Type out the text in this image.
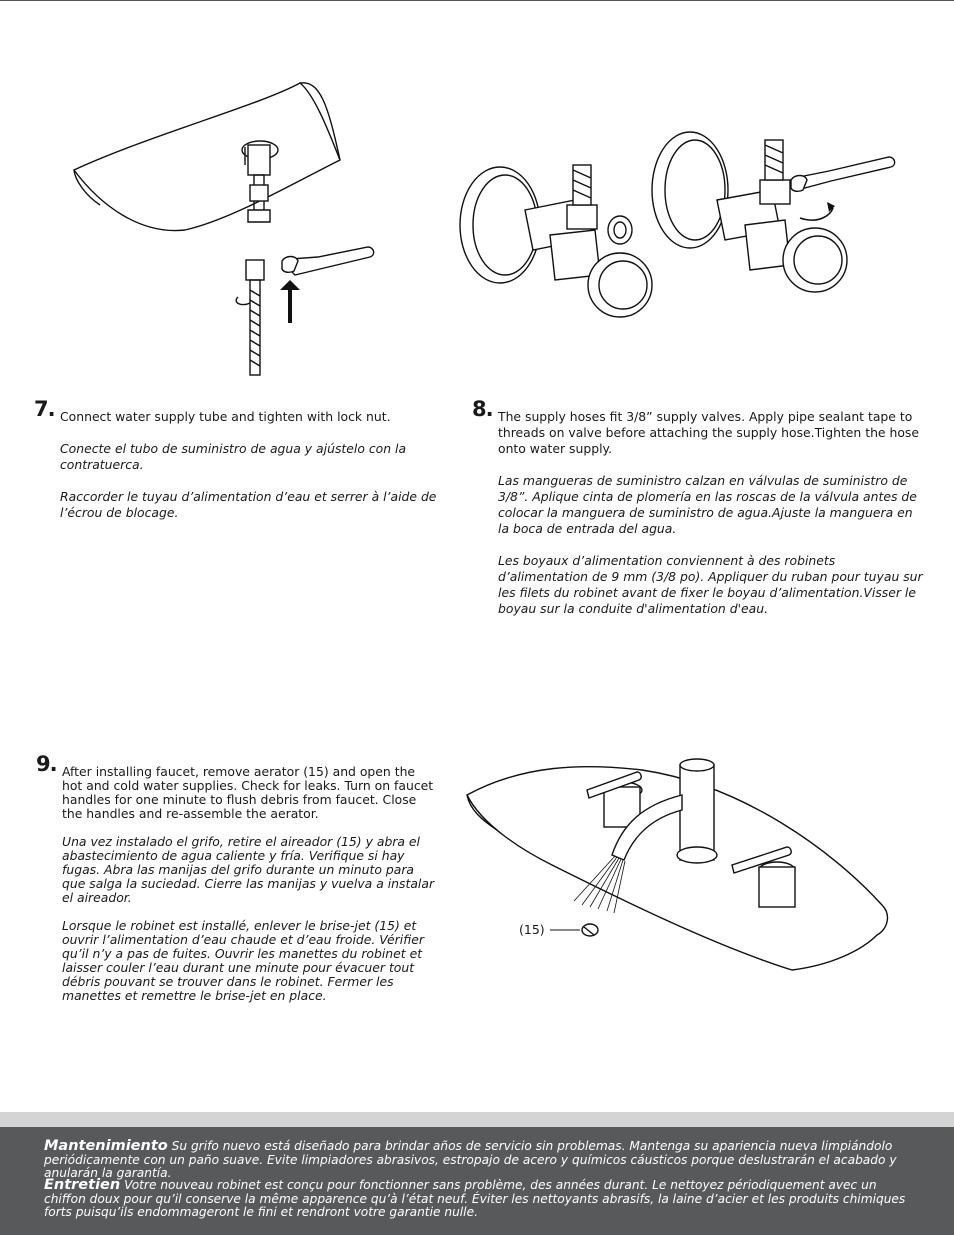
(15)
7. Connect water supply tube and tighten with lock nut.

Conecte el tubo de suministro de agua y ajústelo con la contratuerca.

Raccorder le tuyau d’alimentation d’eau et serrer à l’aide de l’écrou de blocage.

8. The supply hoses fit 3/8” supply valves. Apply pipe sealant tape to threads on valve before attaching the supply hose.Tighten the hose onto water supply.

Las mangueras de suministro calzan en válvulas de suministro de 3/8”. Aplique cinta de plomería en las roscas de la válvula antes de colocar la manguera de suministro de agua.Ajuste la manguera en la boca de entrada del agua.

Les boyaux d’alimentation conviennent à des robinets d’alimentation de 9 mm (3/8 po). Appliquer du ruban pour tuyau sur les filets du robinet avant de fixer le boyau d’alimentation.Visser le boyau sur la conduite d'alimentation d'eau.

9. After installing faucet, remove aerator (15) and open the hot and cold water supplies. Check for leaks. Turn on faucet handles for one minute to flush debris from faucet. Close the handles and re-assemble the aerator.

Una vez instalado el grifo, retire el aireador (15) y abra el abastecimiento de agua caliente y fría. Verifique si hay fugas. Abra las manijas del grifo durante un minuto para que salga la suciedad. Cierre las manijas y vuelva a instalar el aireador.

Lorsque le robinet est installé, enlever le brise-jet (15) et ouvrir l’alimentation d’eau chaude et d’eau froide. Vérifier qu’il n’y a pas de fuites. Ouvrir les manettes du robinet et laisser couler l’eau durant une minute pour évacuer tout débris pouvant se trouver dans le robinet. Fermer les manettes et remettre le brise-jet en place.

Mantenimiento Su grifo nuevo está diseñado para brindar años de servicio sin problemas. Mantenga su apariencia nueva limpiándolo periódicamente con un paño suave. Evite limpiadores abrasivos, estropajo de acero y químicos cáusticos porque deslustrarán el acabado y anularán la garantía.
Entretien Votre nouveau robinet est conçu pour fonctionner sans problème, des années durant. Le nettoyez périodiquement avec un chiffon doux pour qu’il conserve la même apparence qu’à l’état neuf. Éviter les nettoyants abrasifs, la laine d’acier et les produits chimiques forts puisqu’ils endommageront le fini et rendront votre garantie nulle.
